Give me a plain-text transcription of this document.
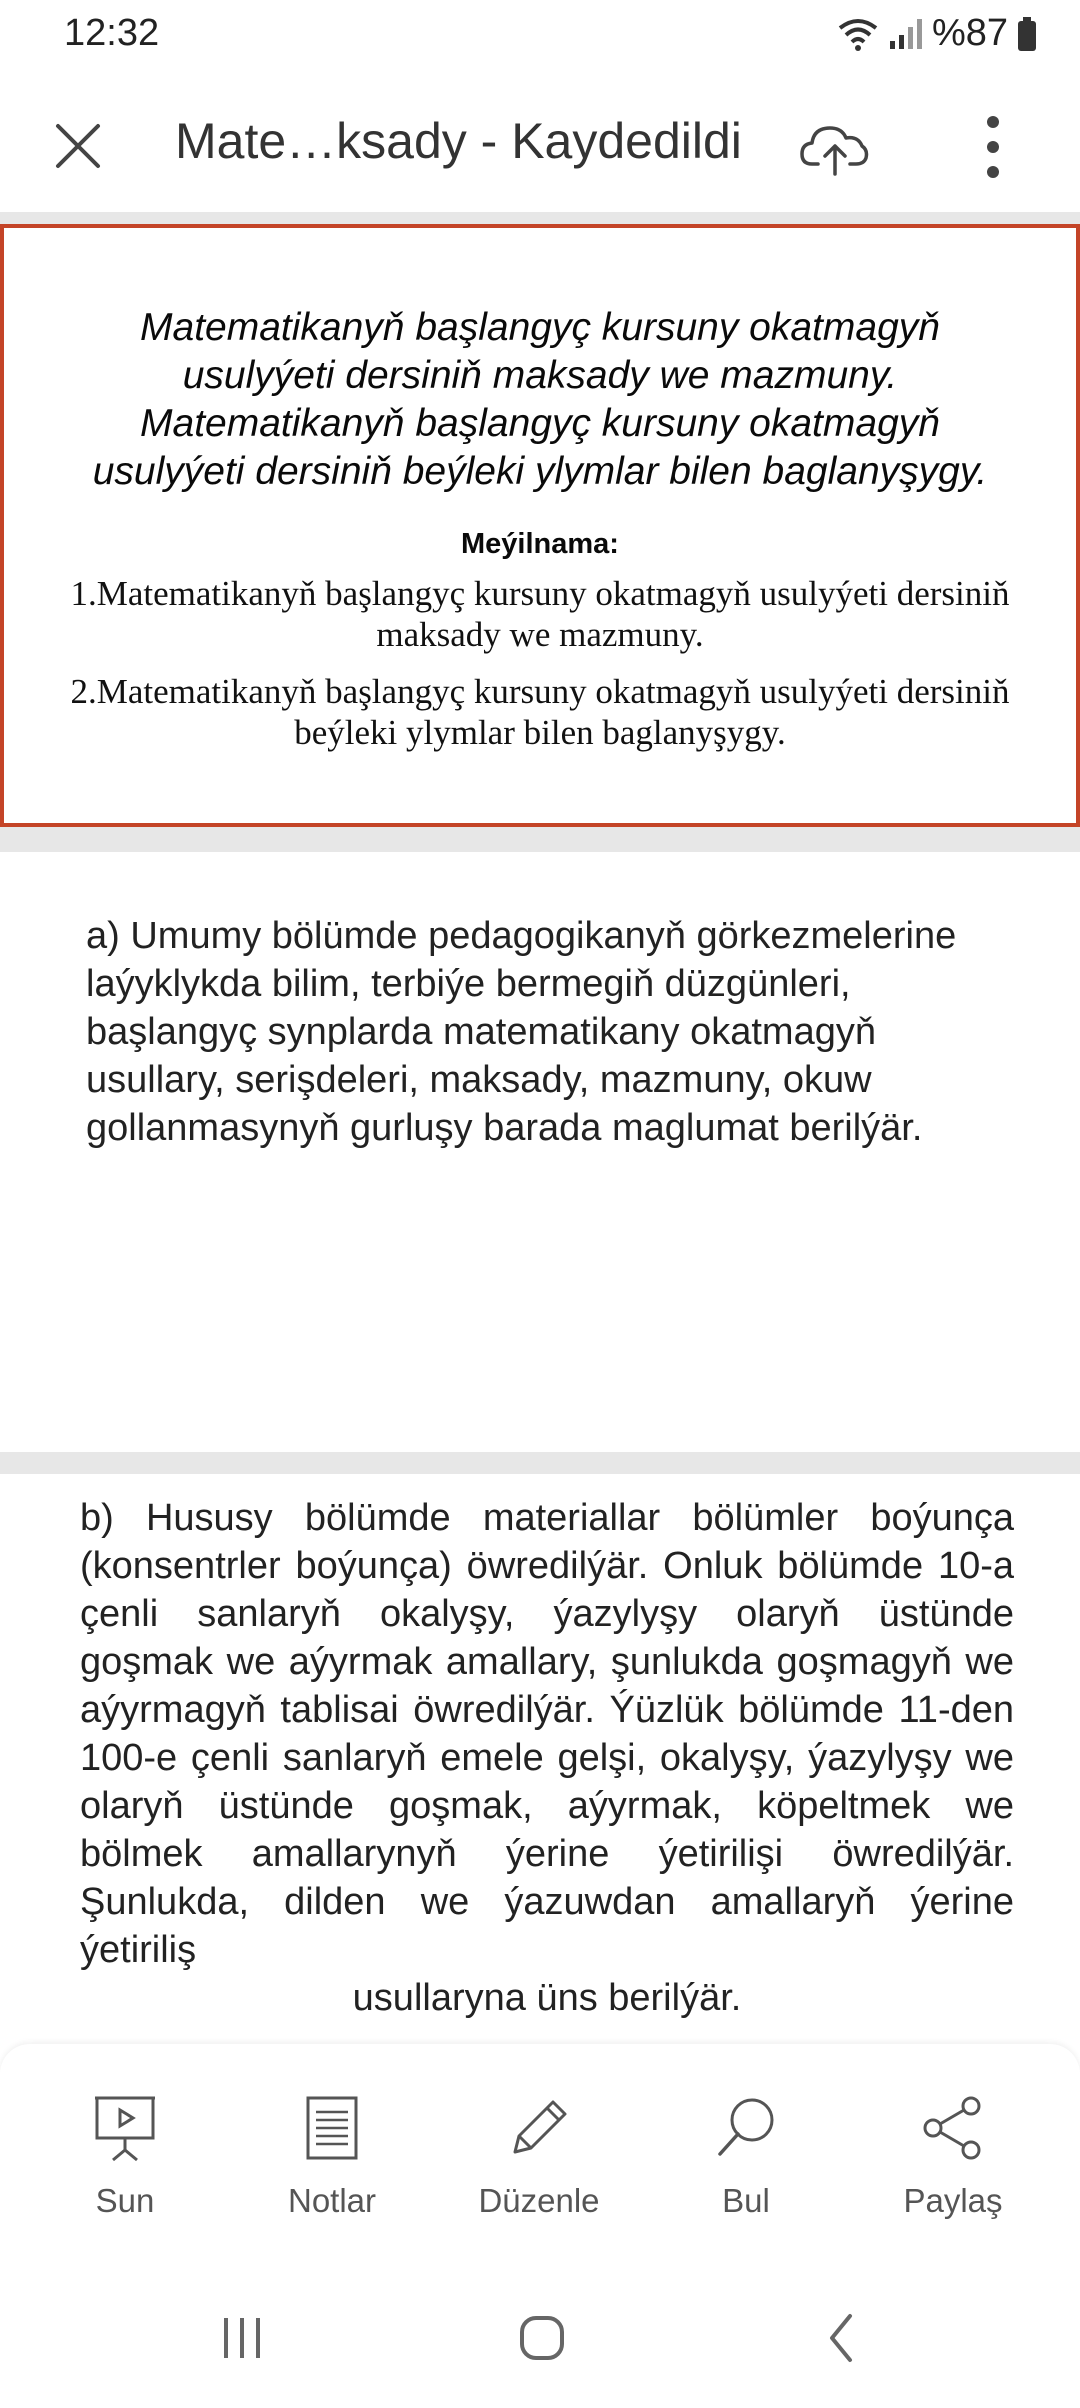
12:32	%87
Mate…ksady - Kaydedildi
Matematikanyň başlangyç kursuny okatmagyň
usulyýeti dersiniň maksady we mazmuny.
Matematikanyň başlangyç kursuny okatmagyň
usulyýeti dersiniň beýleki ylymlar bilen baglanyşygy.
Meýilnama:
1.Matematikanyň başlangyç kursuny okatmagyň usulyýeti dersiniň maksady we mazmuny.
2.Matematikanyň başlangyç kursuny okatmagyň usulyýeti dersiniň beýleki ylymlar bilen baglanyşygy.
a) Umumy bölümde pedagogikanyň görkezmelerine laýyklykda bilim, terbiýe bermegiň düzgünleri, başlangyç synplarda matematikany okatmagyň usullary, serişdeleri, maksady, mazmuny, okuw gollanmasynyň gurluşy barada maglumat berilýär.
b) Hususy bölümde materiallar bölümler boýunça (konsentrler boýunça) öwredilýär. Onluk bölümde 10-a çenli sanlaryň okalyşy, ýazylyşy olaryň üstünde goşmak we aýyrmak amallary, şunlukda goşmagyň we aýyrmagyň tablisai öwredilýär. Ýüzlük bölümde 11-den 100-e çenli sanlaryň emele gelşi, okalyşy, ýazylyşy we olaryň üstünde goşmak, aýyrmak, köpeltmek we bölmek amallarynyň ýerine ýetirilişi öwredilýär. Şunlukda, dilden we ýazuwdan amallaryň ýerine ýetiriliş
usullaryna üns berilýär.
Sun	Notlar	Düzenle	Bul	Paylaş
